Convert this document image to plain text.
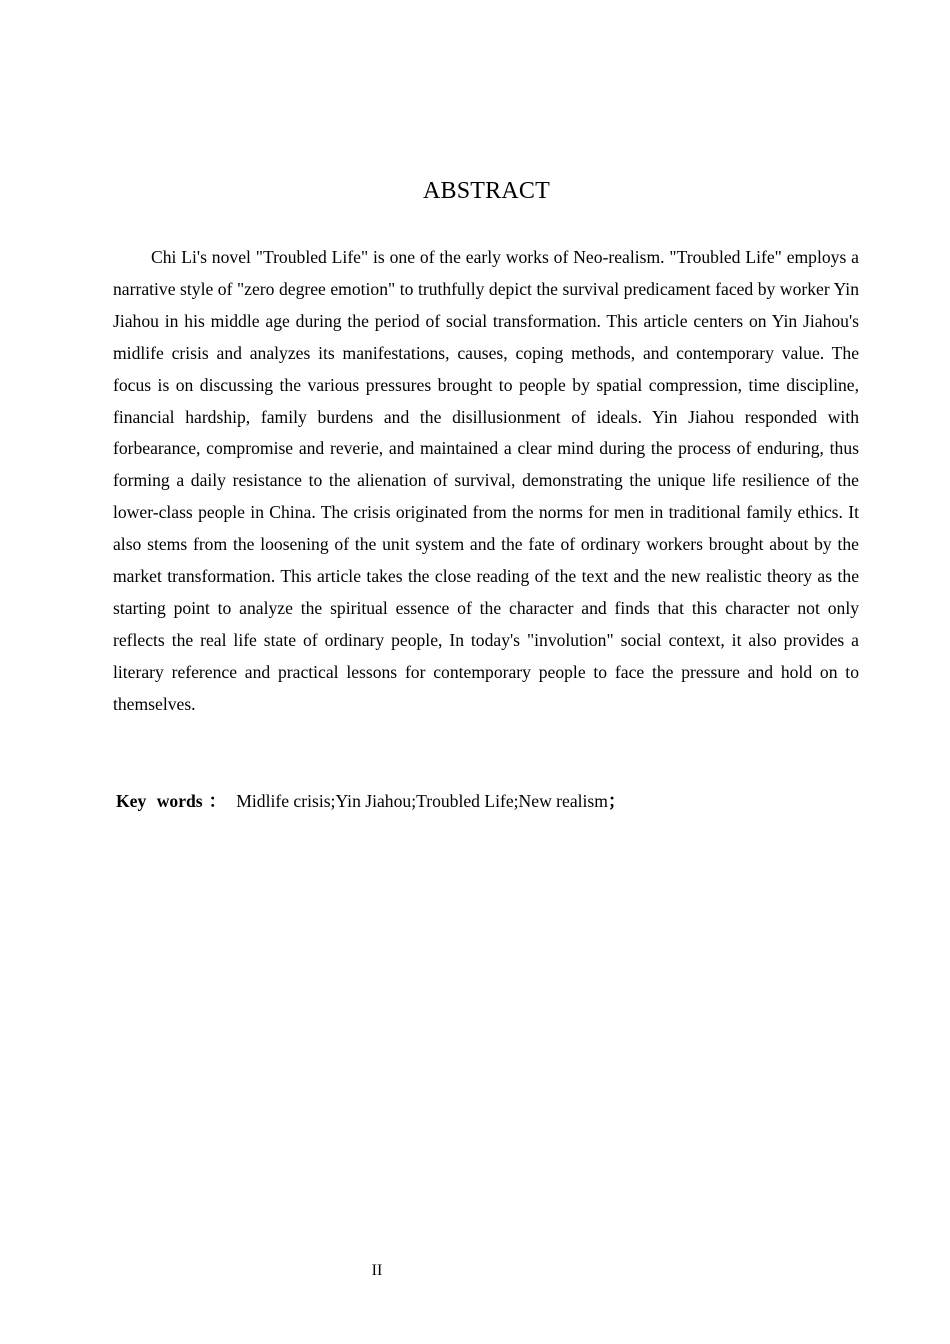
ABSTRACT

Chi Li's novel "Troubled Life" is one of the early works of Neo-realism. "Troubled Life" employs a narrative style of "zero degree emotion" to truthfully depict the survival predicament faced by worker Yin Jiahou in his middle age during the period of social transformation. This article centers on Yin Jiahou's midlife crisis and analyzes its manifestations, causes, coping methods, and contemporary value. The focus is on discussing the various pressures brought to people by spatial compression, time discipline, financial hardship, family burdens and the disillusionment of ideals. Yin Jiahou responded with forbearance, compromise and reverie, and maintained a clear mind during the process of enduring, thus forming a daily resistance to the alienation of survival, demonstrating the unique life resilience of the lower-class people in China. The crisis originated from the norms for men in traditional family ethics. It also stems from the loosening of the unit system and the fate of ordinary workers brought about by the market transformation. This article takes the close reading of the text and the new realistic theory as the starting point to analyze the spiritual essence of the character and finds that this character not only reflects the real life state of ordinary people, In today's "involution" social context, it also provides a literary reference and practical lessons for contemporary people to face the pressure and hold on to themselves.

Key words ： Midlife crisis;Yin Jiahou;Troubled Life;New realism；

II
